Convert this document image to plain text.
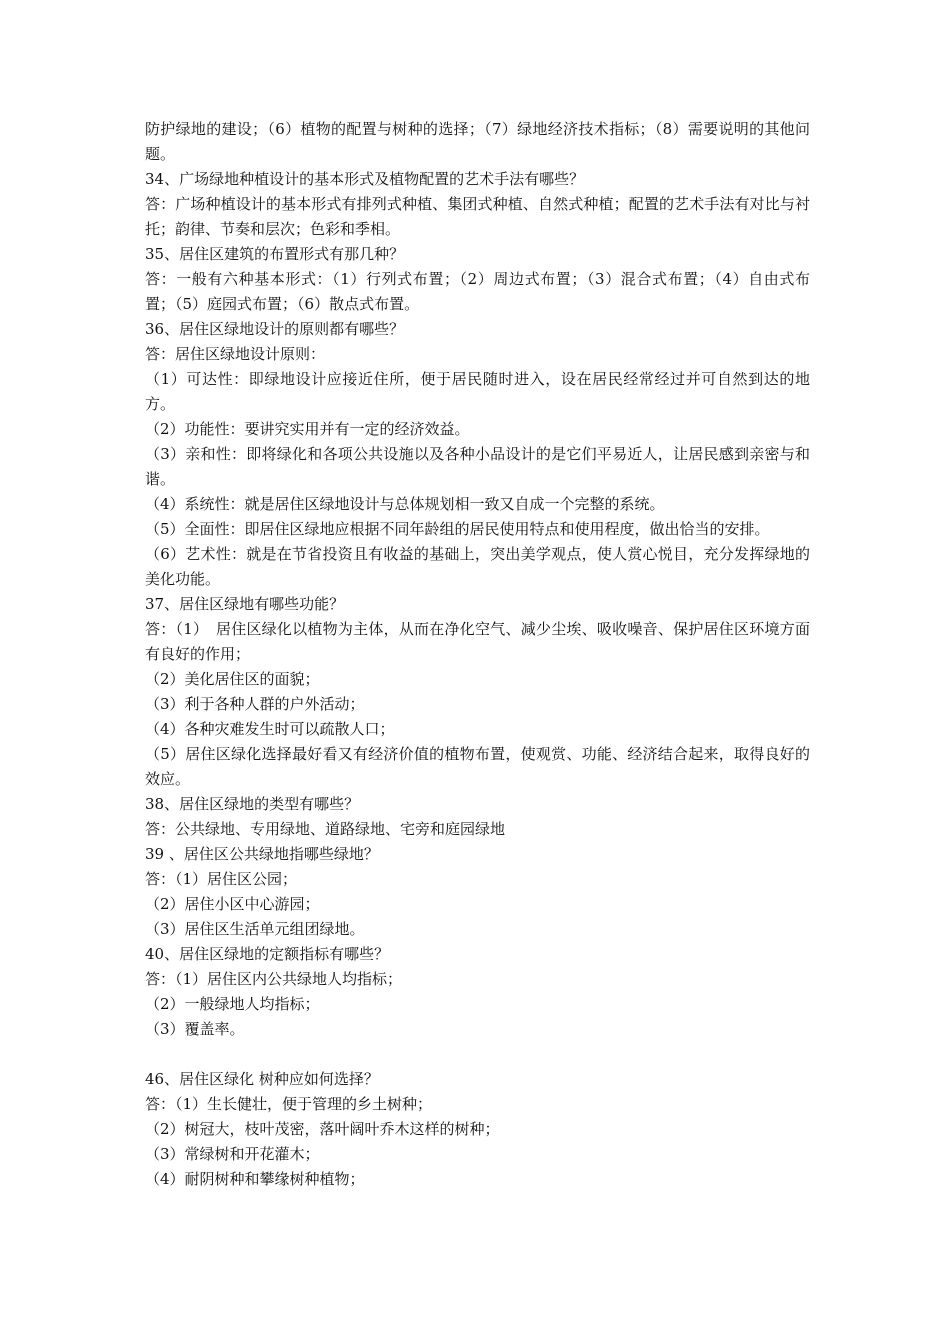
防护绿地的建设；（6）植物的配置与树种的选择；（7）绿地经济技术指标；（8）需要说明的其他问题。

34、广场绿地种植设计的基本形式及植物配置的艺术手法有哪些？

答：广场种植设计的基本形式有排列式种植、集团式种植、自然式种植；配置的艺术手法有对比与衬托；韵律、节奏和层次；色彩和季相。

35、居住区建筑的布置形式有那几种？

答：一般有六种基本形式：（1）行列式布置；（2）周边式布置；（3）混合式布置；（4）自由式布置；（5）庭园式布置；（6）散点式布置。

36、居住区绿地设计的原则都有哪些？

答：居住区绿地设计原则：

（1）可达性：即绿地设计应接近住所，便于居民随时进入，设在居民经常经过并可自然到达的地方。

（2）功能性：要讲究实用并有一定的经济效益。

（3）亲和性：即将绿化和各项公共设施以及各种小品设计的是它们平易近人，让居民感到亲密与和谐。

（4）系统性：就是居住区绿地设计与总体规划相一致又自成一个完整的系统。

（5）全面性：即居住区绿地应根据不同年龄组的居民使用特点和使用程度，做出恰当的安排。

（6）艺术性：就是在节省投资且有收益的基础上，突出美学观点，使人赏心悦目，充分发挥绿地的美化功能。

37、居住区绿地有哪些功能？

答：（1）　居住区绿化以植物为主体，从而在净化空气、减少尘埃、吸收噪音、保护居住区环境方面有良好的作用；

（2）美化居住区的面貌；

（3）利于各种人群的户外活动；

（4）各种灾难发生时可以疏散人口；

（5）居住区绿化选择最好看又有经济价值的植物布置，使观赏、功能、经济结合起来，取得良好的效应。

38、居住区绿地的类型有哪些？

答：公共绿地、专用绿地、道路绿地、宅旁和庭园绿地

39 、居住区公共绿地指哪些绿地？

答：（1）居住区公园；

（2）居住小区中心游园；

（3）居住区生活单元组团绿地。

40、居住区绿地的定额指标有哪些？

答：（1）居住区内公共绿地人均指标；

（2）一般绿地人均指标；

（3）覆盖率。

46、居住区绿化 树种应如何选择？

答：（1）生长健壮，便于管理的乡土树种；

（2）树冠大，枝叶茂密，落叶阔叶乔木这样的树种；

（3）常绿树和开花灌木；

（4）耐阴树种和攀缘树种植物；
